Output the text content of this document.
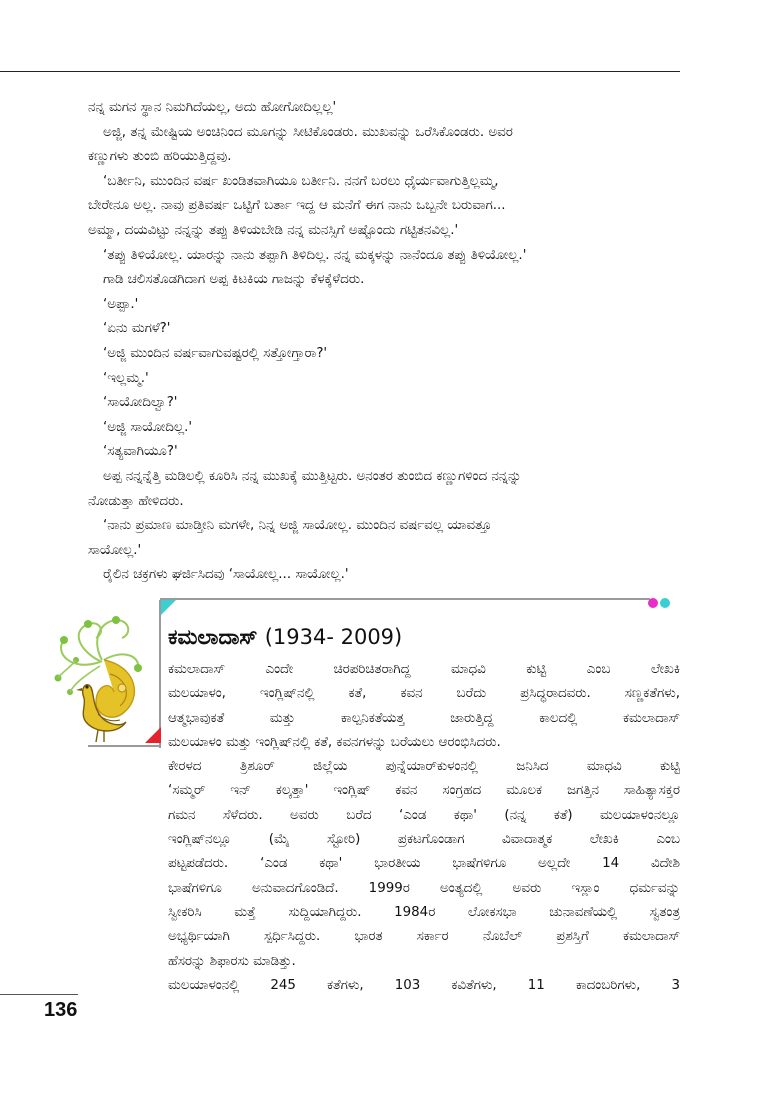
ನನ್ನ ಮಗನ ಸ್ಥಾನ ನಿಮಗಿದೆಯಲ್ಲ, ಅದು ಹೋಗೋದಿಲ್ಲಲ್ಲ'
ಅಜ್ಜಿ, ತನ್ನ ಮೇಷ್ಟಿಯ ಅಂಚಿನಿಂದ ಮೂಗನ್ನು ಸೀಟಿಕೊಂಡರು. ಮುಖವನ್ನು ಒರೆಸಿಕೊಂಡರು. ಅವರ
ಕಣ್ಣುಗಳು ತುಂಬಿ ಹರಿಯುತ್ತಿದ್ದವು.
‘ಬರ್ತೀನಿ, ಮುಂದಿನ ವರ್ಷ ಖಂಡಿತವಾಗಿಯೂ ಬರ್ತೀನಿ. ನನಗೆ ಬರಲು ಧೈರ್ಯವಾಗುತ್ತಿಲ್ಲಮ್ಮ,
ಬೇರೇನೂ ಅಲ್ಲ. ನಾವು ಪ್ರತಿವರ್ಷ ಒಟ್ಟಿಗೆ ಬರ್ತಾ ಇದ್ದ ಆ ಮನೆಗೆ ಈಗ ನಾನು ಒಬ್ಬನೇ ಬರುವಾಗ...
ಅಮ್ಮಾ, ದಯವಿಟ್ಟು ನನ್ನನ್ನು ತಪ್ಪು ತಿಳಿಯಬೇಡಿ ನನ್ನ ಮನಸ್ಸಿಗೆ ಅಷ್ಟೊಂದು ಗಟ್ಟಿತನವಿಲ್ಲ.'
‘ತಪ್ಪು ತಿಳಿಯೋಲ್ಲ. ಯಾರನ್ನು ನಾನು ತಪ್ಪಾಗಿ ತಿಳಿದಿಲ್ಲ. ನನ್ನ ಮಕ್ಕಳನ್ನು ನಾನೆಂದೂ ತಪ್ಪು ತಿಳಿಯೋಲ್ಲ.'
ಗಾಡಿ ಚಲಿಸತೊಡಗಿದಾಗ ಅಪ್ಪ ಕಿಟಕಿಯ ಗಾಜನ್ನು ಕೆಳಕ್ಕೆಳೆದರು.
‘ಅಪ್ಪಾ.'
‘ಏನು ಮಗಳೆ?'
‘ಅಜ್ಜಿ ಮುಂದಿನ ವರ್ಷವಾಗುವಷ್ಟರಲ್ಲಿ ಸತ್ತೋಗ್ತಾರಾ?'
‘ಇಲ್ಲಮ್ಮ.'
‘ಸಾಯೋದಿಲ್ವಾ?'
‘ಅಜ್ಜಿ ಸಾಯೋದಿಲ್ಲ.'
‘ಸತ್ಯವಾಗಿಯೂ?'
ಅಪ್ಪ ನನ್ನನ್ನೆತ್ತಿ ಮಡಿಲಲ್ಲಿ ಕೂರಿಸಿ ನನ್ನ ಮುಖಕ್ಕೆ ಮುತ್ತಿಟ್ಟರು. ಅನಂತರ ತುಂಬಿದ ಕಣ್ಣುಗಳಿಂದ ನನ್ನನ್ನು
ನೋಡುತ್ತಾ ಹೇಳಿದರು.
‘ನಾನು ಪ್ರಮಾಣ ಮಾಡ್ತೀನಿ ಮಗಳೇ, ನಿನ್ನ ಅಜ್ಜಿ ಸಾಯೋಲ್ಲ. ಮುಂದಿನ ವರ್ಷವಲ್ಲ ಯಾವತ್ತೂ
ಸಾಯೋಲ್ಲ.'
ರೈಲಿನ ಚಕ್ರಗಳು ಘರ್ಜಿಸಿದವು ‘ಸಾಯೋಲ್ಲ... ಸಾಯೋಲ್ಲ.'
ಕಮಲಾದಾಸ್ (1934- 2009)
ಕಮಲಾದಾಸ್ ಎಂದೇ ಚಿರಪರಿಚಿತರಾಗಿದ್ದ ಮಾಧವಿ ಕುಟ್ಟಿ ಎಂಬ ಲೇಖಕಿ
ಮಲಯಾಳಂ, ಇಂಗ್ಲಿಷ್‌ನಲ್ಲಿ ಕತೆ, ಕವನ ಬರೆದು ಪ್ರಸಿದ್ಧರಾದವರು. ಸಣ್ಣಕತೆಗಳು,
ಆತ್ಮಭಾವುಕತೆ ಮತ್ತು ಕಾಲ್ಪನಿಕತೆಯತ್ತ ಜಾರುತ್ತಿದ್ದ ಕಾಲದಲ್ಲಿ ಕಮಲಾದಾಸ್
ಮಲಯಾಳಂ ಮತ್ತು ಇಂಗ್ಲಿಷ್‌ನಲ್ಲಿ ಕತೆ, ಕವನಗಳನ್ನು ಬರೆಯಲು ಆರಂಭಿಸಿದರು.
ಕೇರಳದ ತ್ರಿಶೂರ್ ಜಿಲ್ಲೆಯ ಪುನ್ನೆಯಾರ್‌ಕುಳಂನಲ್ಲಿ ಜನಿಸಿದ ಮಾಧವಿ ಕುಟ್ಟಿ
‘ಸಮ್ಮರ್ ಇನ್ ಕಲ್ಕತ್ತಾ' ಇಂಗ್ಲಿಷ್ ಕವನ ಸಂಗ್ರಹದ ಮೂಲಕ ಜಗತ್ತಿನ ಸಾಹಿತ್ಯಾಸಕ್ತರ
ಗಮನ ಸೆಳೆದರು. ಅವರು ಬರೆದ ‘ಎಂಡ ಕಥಾ' (ನನ್ನ ಕತೆ) ಮಲಯಾಳಂನಲ್ಲೂ
ಇಂಗ್ಲಿಷ್‌ನಲ್ಲೂ (ಮೈ ಸ್ಟೋರಿ) ಪ್ರಕಟಗೊಂಡಾಗ ವಿವಾದಾತ್ಮಕ ಲೇಖಕಿ ಎಂಬ
ಪಟ್ಟಪಡೆದರು. ‘ಎಂಡ ಕಥಾ' ಭಾರತೀಯ ಭಾಷೆಗಳಿಗೂ ಅಲ್ಲದೇ 14 ವಿದೇಶಿ
ಭಾಷೆಗಳಿಗೂ ಅನುವಾದಗೊಂಡಿದೆ. 1999ರ ಅಂತ್ಯದಲ್ಲಿ ಅವರು ಇಸ್ಲಾಂ ಧರ್ಮವನ್ನು
ಸ್ವೀಕರಿಸಿ ಮತ್ತೆ ಸುದ್ದಿಯಾಗಿದ್ದರು. 1984ರ ಲೋಕಸಭಾ ಚುನಾವಣೆಯಲ್ಲಿ ಸ್ವತಂತ್ರ
ಅಭ್ಯರ್ಥಿಯಾಗಿ ಸ್ಪರ್ಧಿಸಿದ್ದರು. ಭಾರತ ಸರ್ಕಾರ ನೊಬೆಲ್ ಪ್ರಶಸ್ತಿಗೆ ಕಮಲಾದಾಸ್
ಹೆಸರನ್ನು ಶಿಫಾರಸು ಮಾಡಿತ್ತು.
ಮಲಯಾಳಂನಲ್ಲಿ 245 ಕತೆಗಳು, 103 ಕವಿತೆಗಳು, 11 ಕಾದಂಬರಿಗಳು, 3
136
